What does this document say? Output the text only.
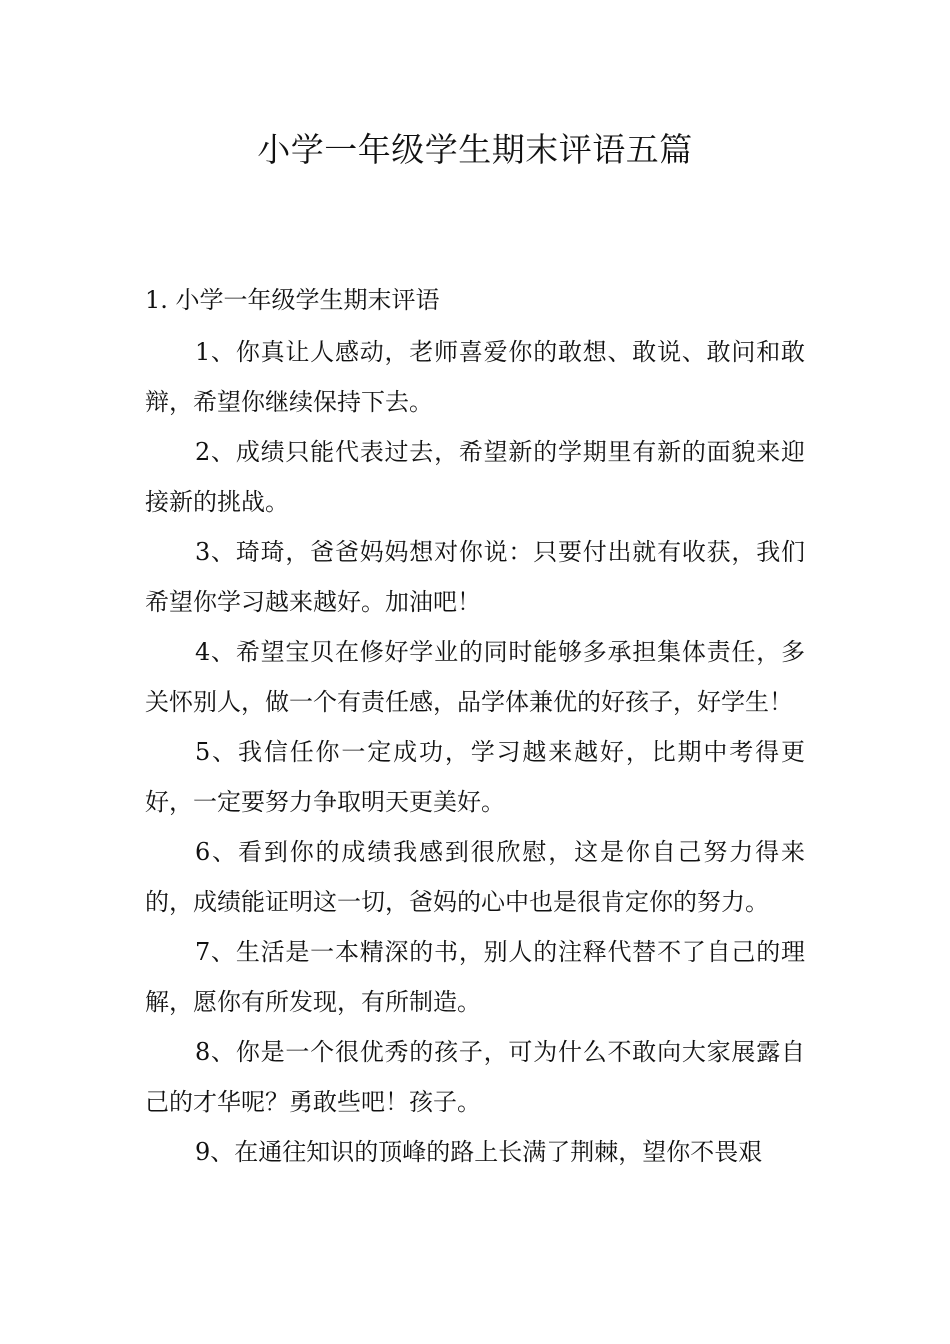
小学一年级学生期末评语五篇

1. 小学一年级学生期末评语

1、你真让人感动，老师喜爱你的敢想、敢说、敢问和敢辩，希望你继续保持下去。
2、成绩只能代表过去，希望新的学期里有新的面貌来迎接新的挑战。
3、琦琦，爸爸妈妈想对你说：只要付出就有收获，我们希望你学习越来越好。加油吧！
4、希望宝贝在修好学业的同时能够多承担集体责任，多关怀别人，做一个有责任感，品学体兼优的好孩子，好学生！
5、我信任你一定成功，学习越来越好，比期中考得更好，一定要努力争取明天更美好。
6、看到你的成绩我感到很欣慰，这是你自己努力得来的，成绩能证明这一切，爸妈的心中也是很肯定你的努力。
7、生活是一本精深的书，别人的注释代替不了自己的理解，愿你有所发现，有所制造。
8、你是一个很优秀的孩子，可为什么不敢向大家展露自己的才华呢？勇敢些吧！孩子。
9、在通往知识的顶峰的路上长满了荆棘，望你不畏艰
